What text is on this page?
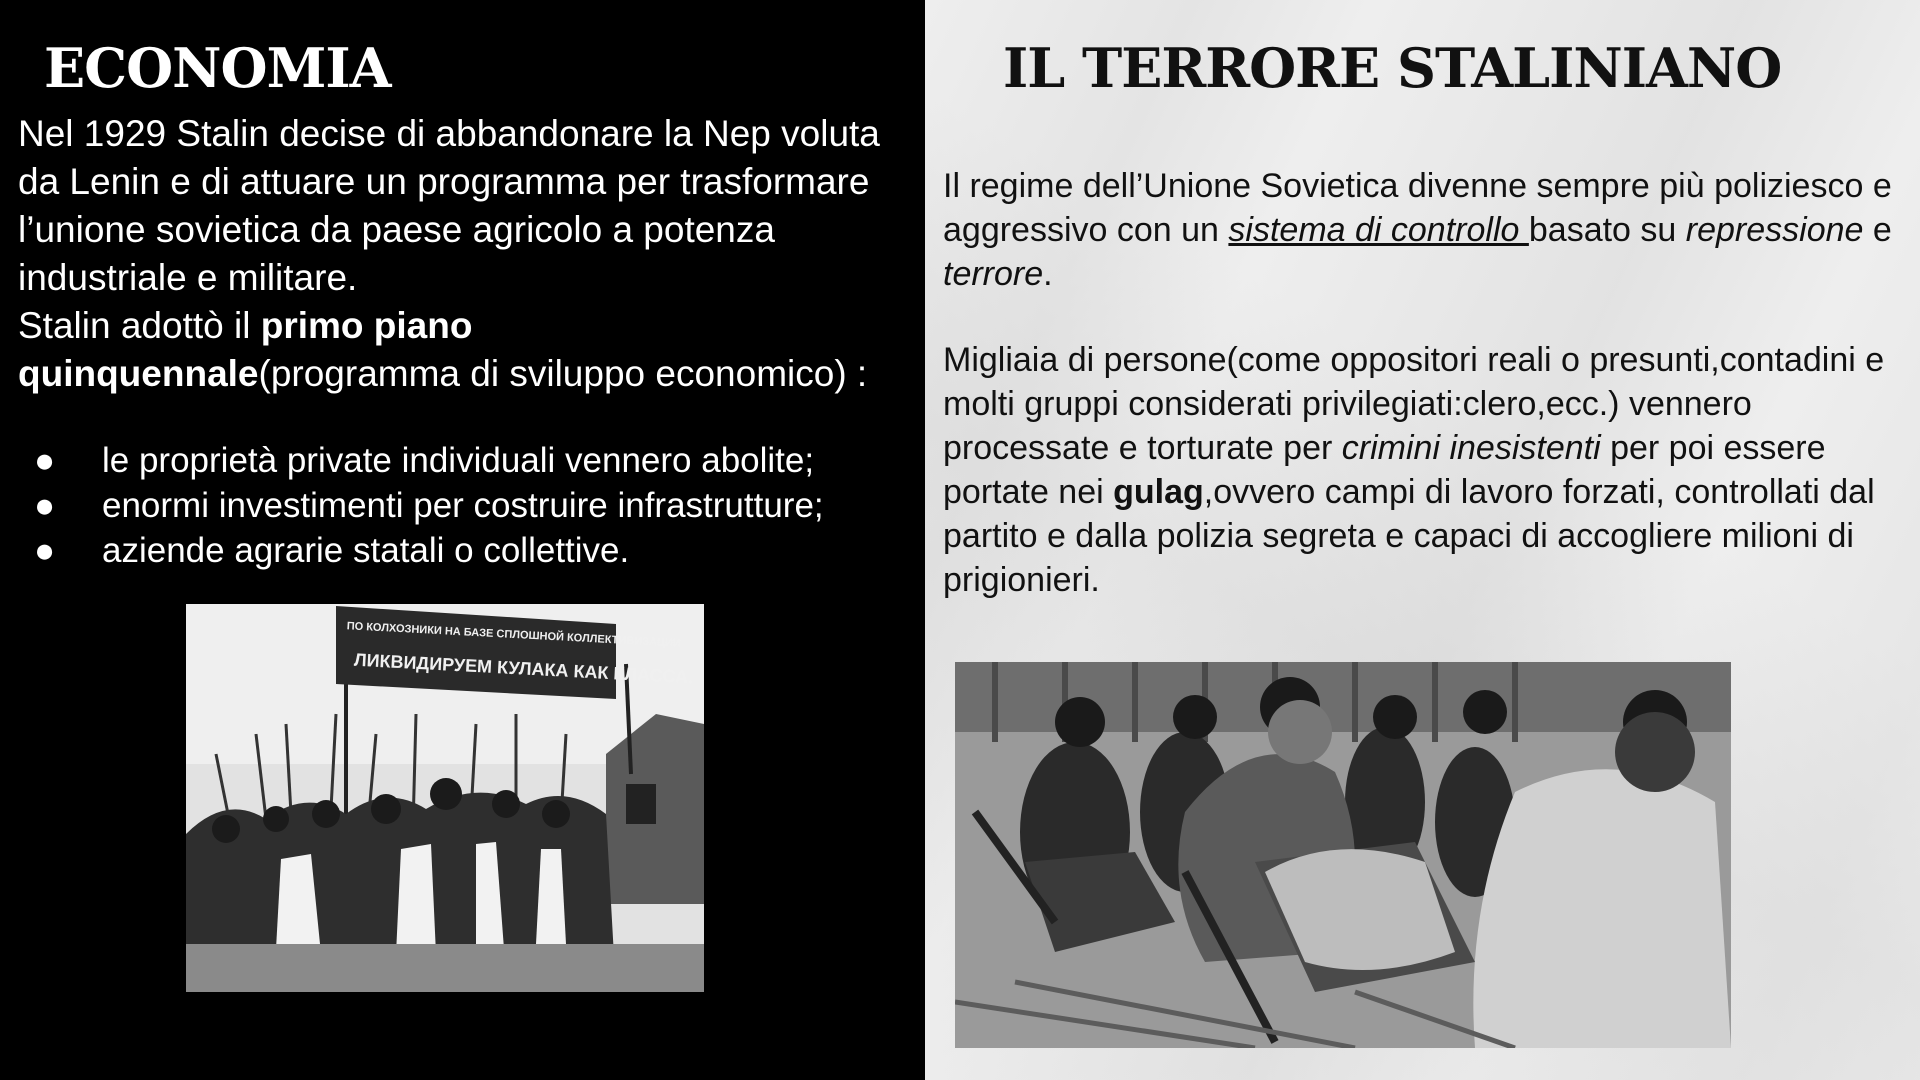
ECONOMIA
Nel 1929 Stalin decise di abbandonare la Nep voluta da Lenin e di attuare un programma per trasformare l’unione sovietica da paese agricolo a potenza industriale e militare.
Stalin adottò il primo piano quinquennale(programma di sviluppo economico) :
● le proprietà private individuali vennero abolite;
● enormi investimenti per costruire infrastrutture;
● aziende agrarie statali o collettive.
ПО КОЛХОЗНИКИ НА БАЗЕ СПЛОШНОЙ КОЛЛЕКТИВИЗАЦИИ
ЛИКВИДИРУЕМ КУЛАКА КАК КЛАССА.
IL TERRORE STALINIANO
Il regime dell’Unione Sovietica divenne sempre più poliziesco e aggressivo con un sistema di controllo basato su repressione e terrore.
Migliaia di persone(come oppositori reali o presunti,contadini e molti gruppi considerati privilegiati:clero,ecc.) vennero processate e torturate per crimini inesistenti per poi essere portate nei gulag,ovvero campi di lavoro forzati, controllati dal partito e dalla polizia segreta e capaci di accogliere milioni di prigionieri.
